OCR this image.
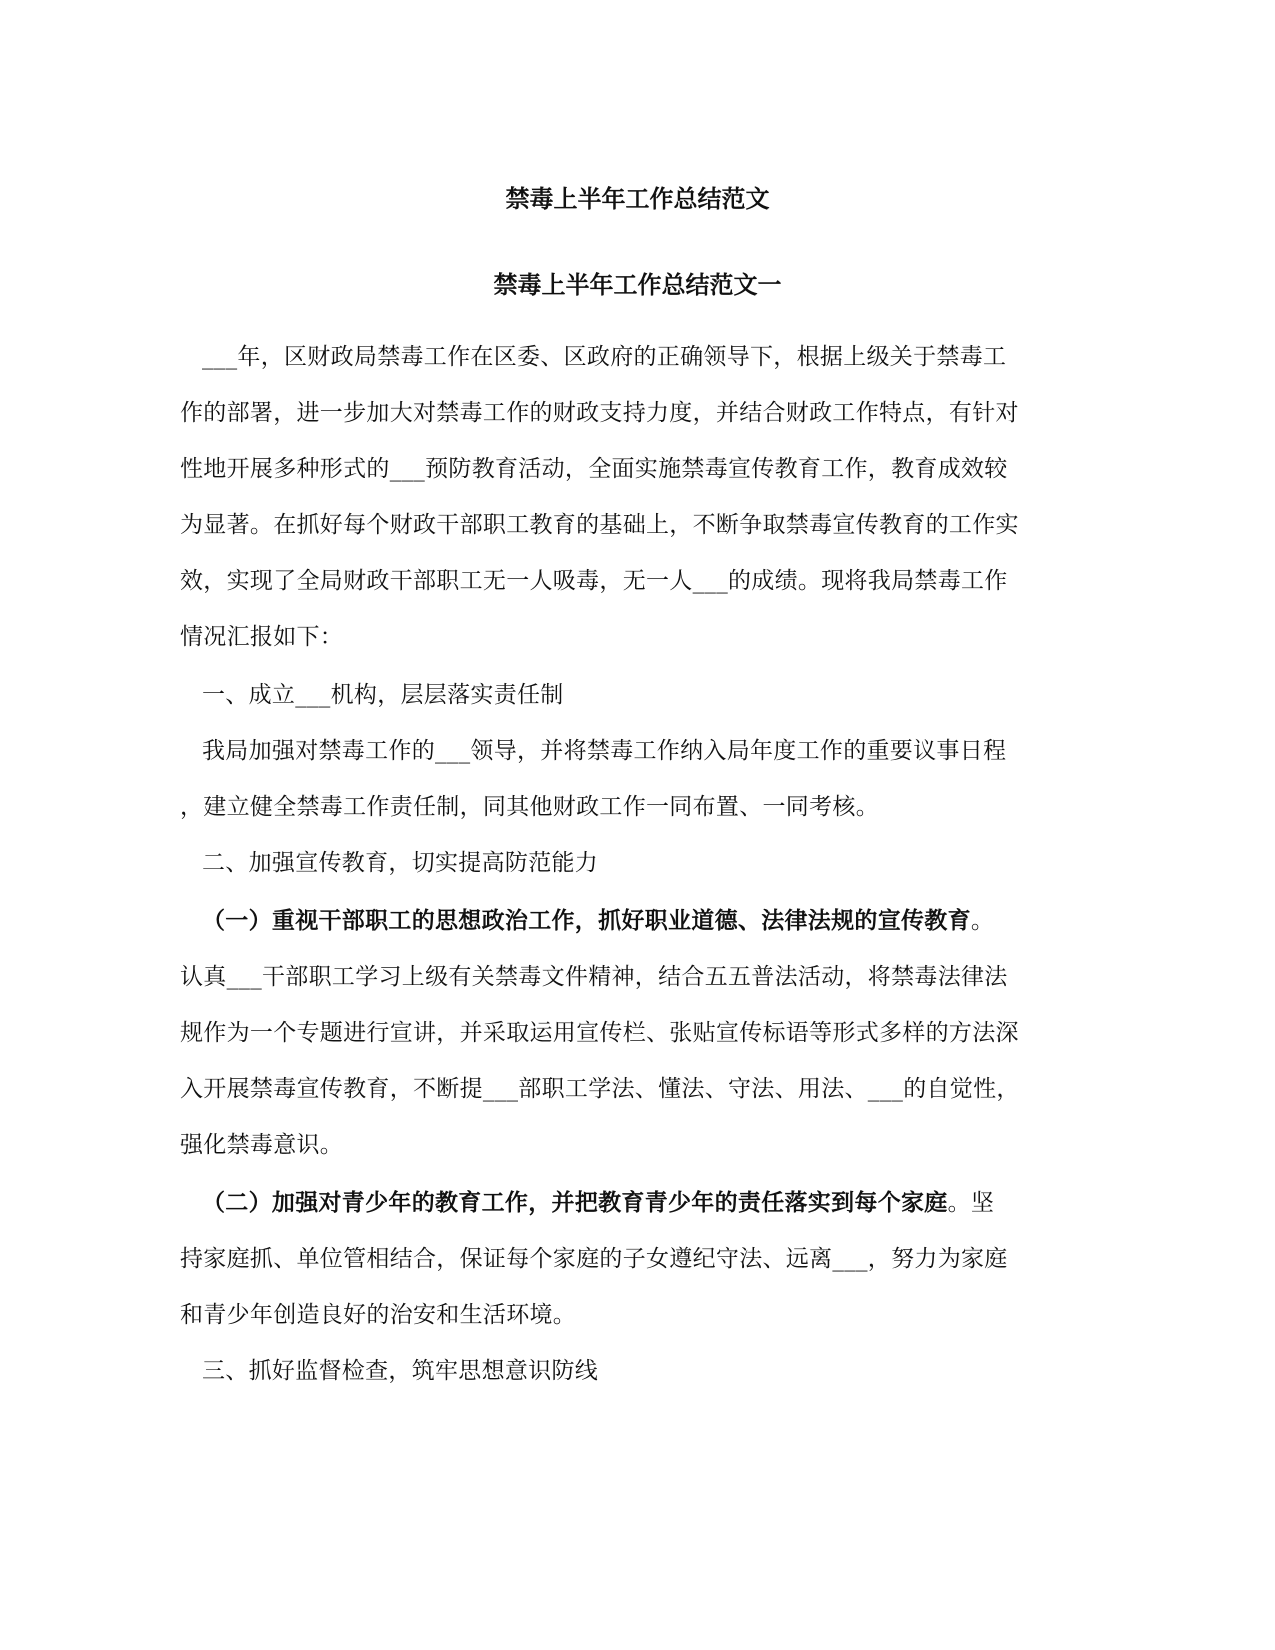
禁毒上半年工作总结范文
禁毒上半年工作总结范文一
___年，区财政局禁毒工作在区委、区政府的正确领导下，根据上级关于禁毒工
作的部署，进一步加大对禁毒工作的财政支持力度，并结合财政工作特点，有针对
性地开展多种形式的___预防教育活动，全面实施禁毒宣传教育工作，教育成效较
为显著。在抓好每个财政干部职工教育的基础上，不断争取禁毒宣传教育的工作实
效，实现了全局财政干部职工无一人吸毒，无一人___的成绩。现将我局禁毒工作
情况汇报如下：
一、成立___机构，层层落实责任制
我局加强对禁毒工作的___领导，并将禁毒工作纳入局年度工作的重要议事日程
，建立健全禁毒工作责任制，同其他财政工作一同布置、一同考核。
二、加强宣传教育，切实提高防范能力
（一）重视干部职工的思想政治工作，抓好职业道德、法律法规的宣传教育。
认真___干部职工学习上级有关禁毒文件精神，结合五五普法活动，将禁毒法律法
规作为一个专题进行宣讲，并采取运用宣传栏、张贴宣传标语等形式多样的方法深
入开展禁毒宣传教育，不断提___部职工学法、懂法、守法、用法、___的自觉性，
强化禁毒意识。
（二）加强对青少年的教育工作，并把教育青少年的责任落实到每个家庭。坚
持家庭抓、单位管相结合，保证每个家庭的子女遵纪守法、远离___，努力为家庭
和青少年创造良好的治安和生活环境。
三、抓好监督检查，筑牢思想意识防线
